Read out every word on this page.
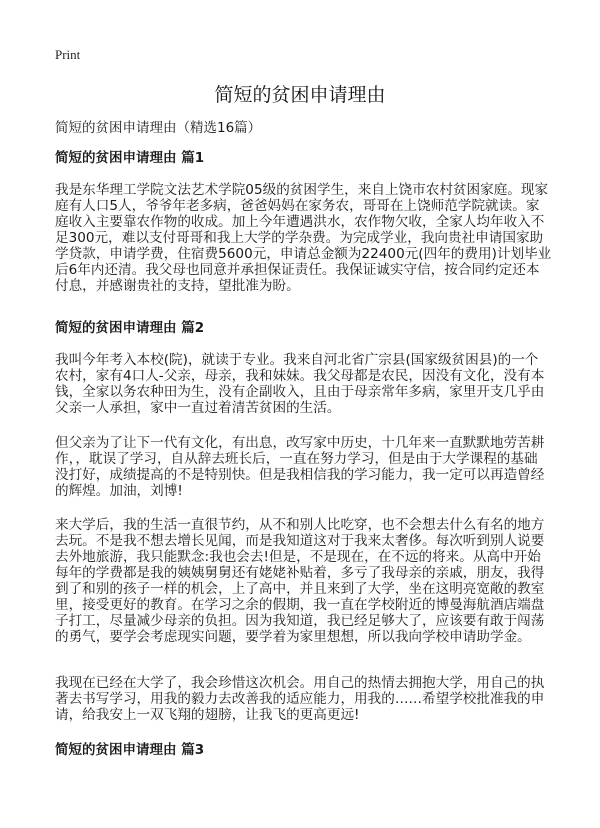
Print
简短的贫困申请理由
简短的贫困申请理由（精选16篇）
简短的贫困申请理由 篇1
我是东华理工学院文法艺术学院05级的贫困学生，来自上饶市农村贫困家庭。现家
庭有人口5人，爷爷年老多病，爸爸妈妈在家务农，哥哥在上饶师范学院就读。家
庭收入主要靠农作物的收成。加上今年遭遇洪水，农作物欠收，全家人均年收入不
足300元，难以支付哥哥和我上大学的学杂费。为完成学业，我向贵社申请国家助
学贷款，申请学费，住宿费5600元，申请总金额为22400元(四年的费用)计划毕业
后6年内还清。我父母也同意并承担保证责任。我保证诚实守信，按合同约定还本
付息，并感谢贵社的支持，望批准为盼。
简短的贫困申请理由 篇2
我叫今年考入本校(院)，就读于专业。我来自河北省广宗县(国家级贫困县)的一个
农村，家有4口人-父亲，母亲，我和妹妹。我父母都是农民，因没有文化，没有本
钱，全家以务农种田为生，没有企副收入，且由于母亲常年多病，家里开支几乎由
父亲一人承担，家中一直过着清苦贫困的生活。
但父亲为了让下一代有文化，有出息，改写家中历史，十几年来一直默默地劳苦耕
作，，耽误了学习，自从辞去班长后，一直在努力学习，但是由于大学课程的基础
没打好，成绩提高的不是特别快。但是我相信我的学习能力，我一定可以再造曾经
的辉煌。加油，刘博!
来大学后，我的生活一直很节约，从不和别人比吃穿，也不会想去什么有名的地方
去玩。不是我不想去增长见闻，而是我知道这对于我来太奢侈。每次听到别人说要
去外地旅游，我只能默念:我也会去!但是，不是现在，在不远的将来。从高中开始
每年的学费都是我的姨姨舅舅还有姥姥补贴着，多亏了我母亲的亲戚，朋友，我得
到了和别的孩子一样的机会，上了高中，并且来到了大学，坐在这明亮宽敞的教室
里，接受更好的教育。在学习之余的假期，我一直在学校附近的博曼海航酒店端盘
子打工，尽量减少母亲的负担。因为我知道，我已经足够大了，应该要有敢于闯荡
的勇气，要学会考虑现实问题，要学着为家里想想，所以我向学校申请助学金。
我现在已经在大学了，我会珍惜这次机会。用自己的热情去拥抱大学，用自己的执
著去书写学习，用我的毅力去改善我的适应能力，用我的……希望学校批准我的申
请，给我安上一双飞翔的翅膀，让我飞的更高更远!
简短的贫困申请理由 篇3
